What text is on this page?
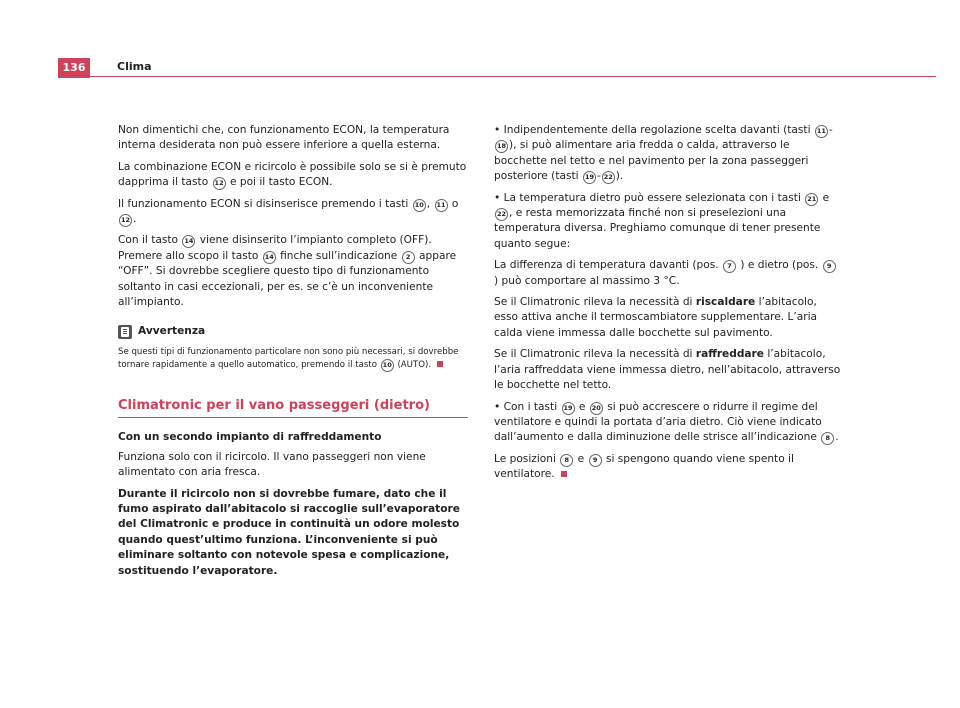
136	Clima

Non dimentichi che, con funzionamento ECON, la temperatura interna desiderata non può essere inferiore a quella esterna.

La combinazione ECON e ricircolo è possibile solo se si è premuto dapprima il tasto 12 e poi il tasto ECON.

Il funzionamento ECON si disinserisce premendo i tasti 10 , 11 o 12 .

Con il tasto 14 viene disinserito l’impianto completo (OFF). Premere allo scopo il tasto 14 finche sull’indicazione 2 appare “OFF”. Si dovrebbe scegliere questo tipo di funzionamento soltanto in casi eccezionali, per es. se c’è un inconveniente all’impianto.

Avvertenza

Se questi tipi di funzionamento particolare non sono più necessari, si dovrebbe tornare rapidamente a quello automatico, premendo il tasto 10 (AUTO).

Climatronic per il vano passeggeri (dietro)
Con un secondo impianto di raffreddamento

Funziona solo con il ricircolo. Il vano passeggeri non viene alimentato con aria fresca.

Durante il ricircolo non si dovrebbe fumare, dato che il fumo aspirato dall’abitacolo si raccoglie sull’evaporatore del Climatronic e produce in continuità un odore molesto quando quest’ultimo funziona. L’inconveniente si può eliminare soltanto con notevole spesa e complicazione, sostituendo l’evaporatore.

• Indipendentemente della regolazione scelta davanti (tasti 11 -18 ), si può alimentare aria fredda o calda, attraverso le bocchette nel tetto e nel pavimento per la zona passeggeri posteriore (tasti 19 - 22 ).

• La temperatura dietro può essere selezionata con i tasti 21 e 22 , e resta memorizzata finché non si preselezioni una temperatura diversa. Preghiamo comunque di tener presente quanto segue:

La differenza di temperatura davanti (pos. 7 ) e dietro (pos. 9 ) può comportare al massimo 3 °C.

Se il Climatronic rileva la necessità di riscaldare l’abitacolo, esso attiva anche il termoscambiatore supplementare. L’aria calda viene immessa dalle bocchette sul pavimento.

Se il Climatronic rileva la necessità di raffreddare l’abitacolo, l’aria raffreddata viene immessa dietro, nell’abitacolo, attraverso le bocchette nel tetto.

• Con i tasti 19 e 20 si può accrescere o ridurre il regime del ventilatore e quindi la portata d’aria dietro. Ciò viene indicato dall’aumento e dalla diminuzione delle strisce all’indicazione 8 .

Le posizioni 8 e 9 si spengono quando viene spento il ventilatore.
